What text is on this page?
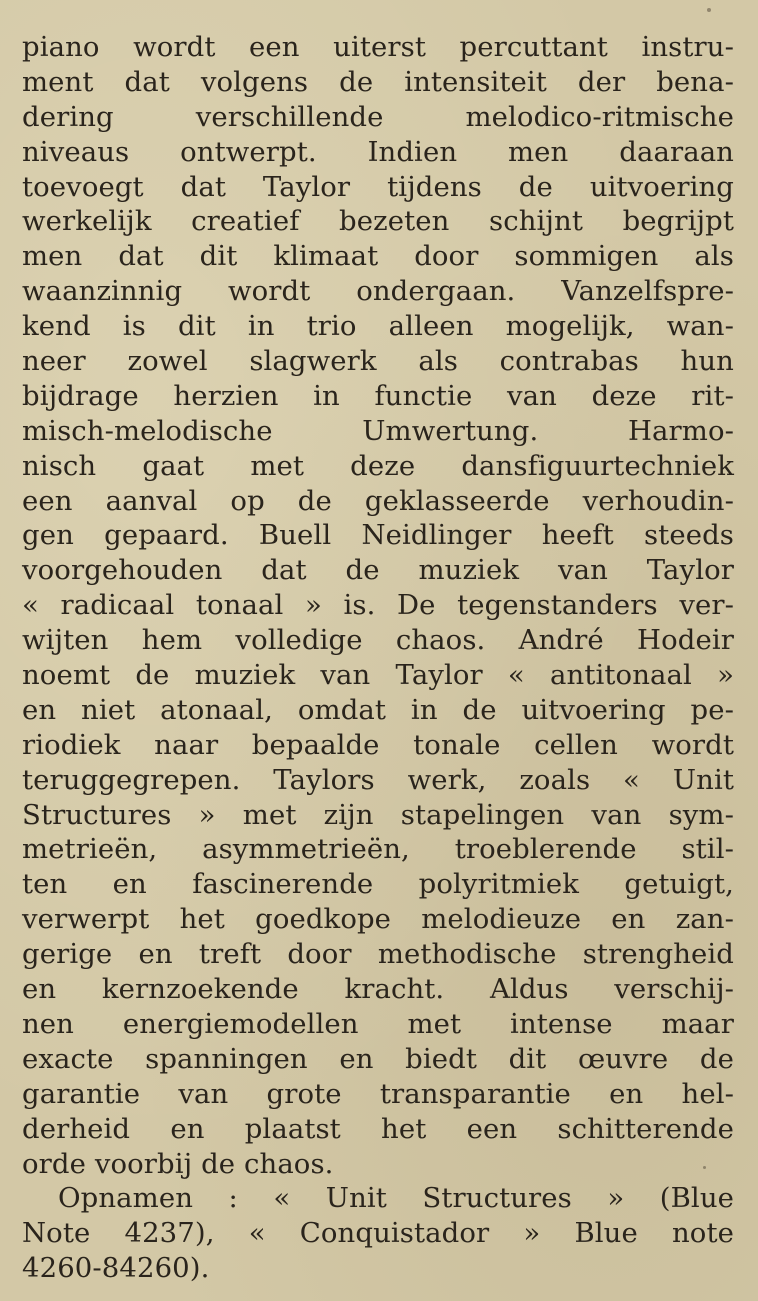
piano wordt een uiterst percuttant instru-
ment dat volgens de intensiteit der bena-
dering verschillende melodico-ritmische
niveaus ontwerpt. Indien men daaraan
toevoegt dat Taylor tijdens de uitvoering
werkelijk creatief bezeten schijnt begrijpt
men dat dit klimaat door sommigen als
waanzinnig wordt ondergaan. Vanzelfspre-
kend is dit in trio alleen mogelijk, wan-
neer zowel slagwerk als contrabas hun
bijdrage herzien in functie van deze rit-
misch-melodische Umwertung. Harmo-
nisch gaat met deze dansfiguurtechniek
een aanval op de geklasseerde verhoudin-
gen gepaard. Buell Neidlinger heeft steeds
voorgehouden dat de muziek van Taylor
« radicaal tonaal » is. De tegenstanders ver-
wijten hem volledige chaos. André Hodeir
noemt de muziek van Taylor « antitonaal »
en niet atonaal, omdat in de uitvoering pe-
riodiek naar bepaalde tonale cellen wordt
teruggegrepen. Taylors werk, zoals « Unit
Structures » met zijn stapelingen van sym-
metrieën, asymmetrieën, troeblerende stil-
ten en fascinerende polyritmiek getuigt,
verwerpt het goedkope melodieuze en zan-
gerige en treft door methodische strengheid
en kernzoekende kracht. Aldus verschij-
nen energiemodellen met intense maar
exacte spanningen en biedt dit œuvre de
garantie van grote transparantie en hel-
derheid en plaatst het een schitterende
orde voorbij de chaos.
Opnamen : « Unit Structures » (Blue
Note 4237), « Conquistador » Blue note
4260-84260).
